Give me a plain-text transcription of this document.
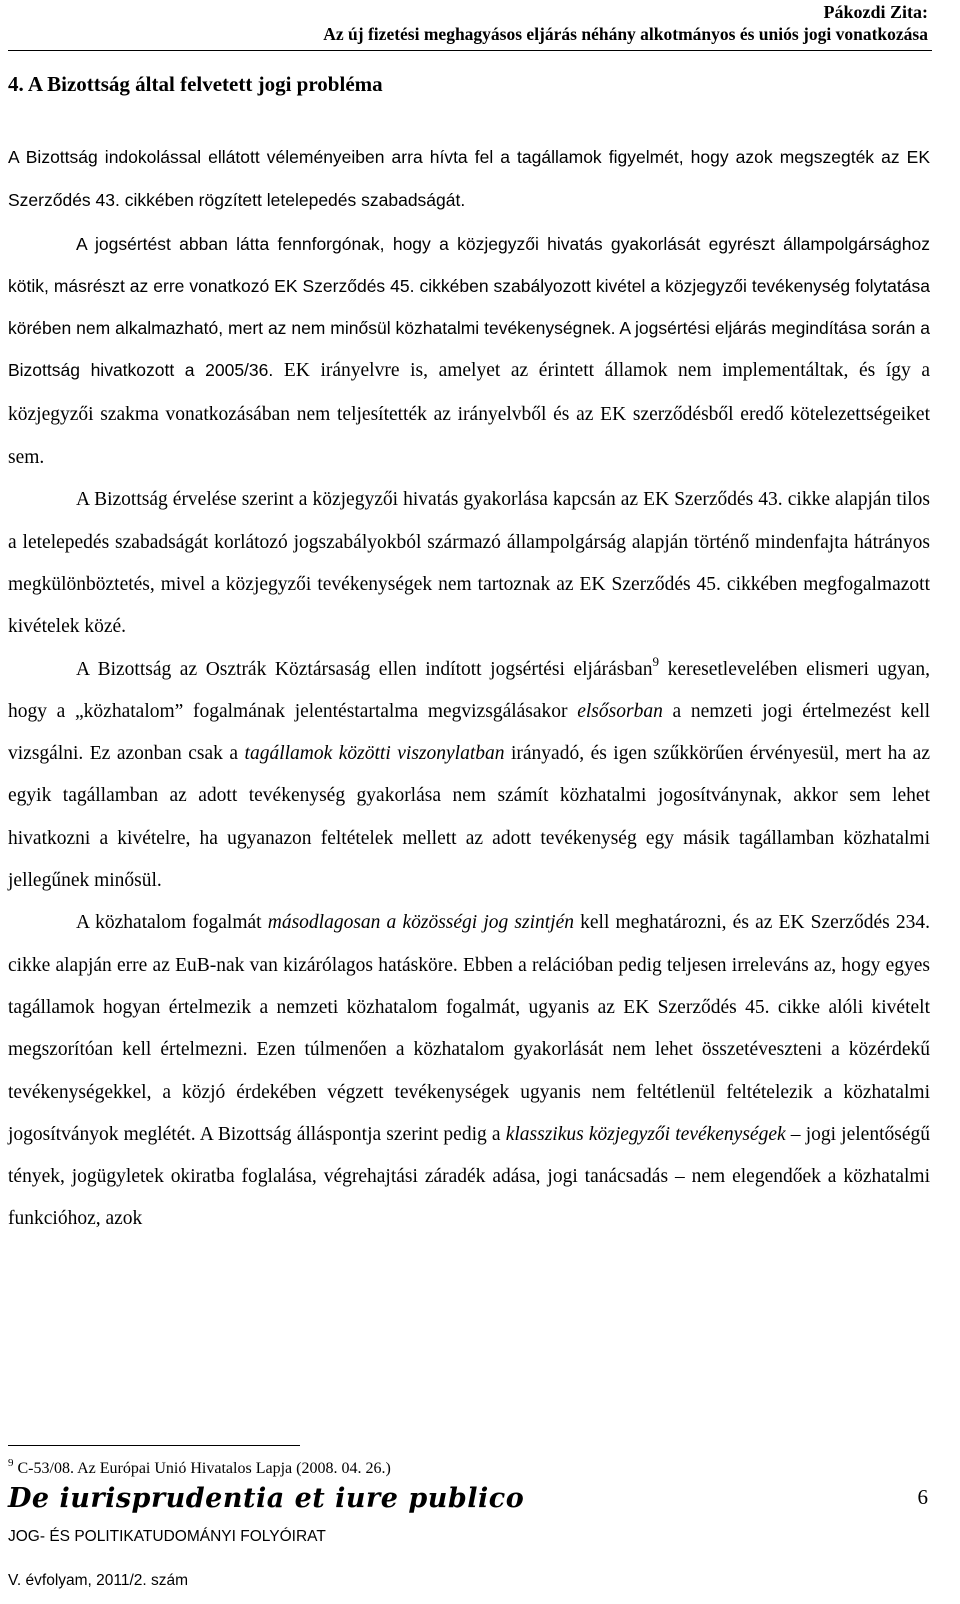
Pákozdi Zita:
Az új fizetési meghagyásos eljárás néhány alkotmányos és uniós jogi vonatkozása
4. A Bizottság által felvetett jogi probléma

A Bizottság indokolással ellátott véleményeiben arra hívta fel a tagállamok figyelmét, hogy azok megszegték az EK Szerződés 43. cikkében rögzített letelepedés szabadságát.
A jogsértést abban látta fennforgónak, hogy a közjegyzői hivatás gyakorlását egyrészt állampolgársághoz kötik, másrészt az erre vonatkozó EK Szerződés 45. cikkében szabályozott kivétel a közjegyzői tevékenység folytatása körében nem alkalmazható, mert az nem minősül közhatalmi tevékenységnek. A jogsértési eljárás megindítása során a Bizottság hivatkozott a 2005/36. EK irányelvre is, amelyet az érintett államok nem implementáltak, és így a közjegyzői szakma vonatkozásában nem teljesítették az irányelvből és az EK szerződésből eredő kötelezettségeiket sem.

A Bizottság érvelése szerint a közjegyzői hivatás gyakorlása kapcsán az EK Szerződés 43. cikke alapján tilos a letelepedés szabadságát korlátozó jogszabályokból származó állampolgárság alapján történő mindenfajta hátrányos megkülönböztetés, mivel a közjegyzői tevékenységek nem tartoznak az EK Szerződés 45. cikkében megfogalmazott kivételek közé.

A Bizottság az Osztrák Köztársaság ellen indított jogsértési eljárásban$^9$ keresetlevelében elismeri ugyan, hogy a „közhatalom” fogalmának jelentéstartalma megvizsgálásakor elsősorban a nemzeti jogi értelmezést kell vizsgálni. Ez azonban csak a tagállamok közötti viszonylatban irányadó, és igen szűkkörűen érvényesül, mert ha az egyik tagállamban az adott tevékenység gyakorlása nem számít közhatalmi jogosítványnak, akkor sem lehet hivatkozni a kivételre, ha ugyanazon feltételek mellett az adott tevékenység egy másik tagállamban közhatalmi jellegűnek minősül.

A közhatalom fogalmát másodlagosan a közösségi jog szintjén kell meghatározni, és az EK Szerződés 234. cikke alapján erre az EuB-nak van kizárólagos hatásköre. Ebben a relációban pedig teljesen irreleváns az, hogy egyes tagállamok hogyan értelmezik a nemzeti közhatalom fogalmát, ugyanis az EK Szerződés 45. cikke alóli kivételt megszorítóan kell értelmezni. Ezen túlmenően a közhatalom gyakorlását nem lehet összetéveszteni a közérdekű tevékenységekkel, a közjó érdekében végzett tevékenységek ugyanis nem feltétlenül feltételezik a közhatalmi jogosítványok meglétét. A Bizottság álláspontja szerint pedig a klasszikus közjegyzői tevékenységek – jogi jelentőségű tények, jogügyletek okiratba foglalása, végrehajtási záradék adása, jogi tanácsadás – nem elegendőek a közhatalmi funkcióhoz, azok

$^9$ C-53/08. Az Európai Unió Hivatalos Lapja (2008. 04. 26.)
De iurisprudentia et iure publico
JOG- ÉS POLITIKATUDOMÁNYI FOLYÓIRAT
V. évfolyam, 2011/2. szám
6
